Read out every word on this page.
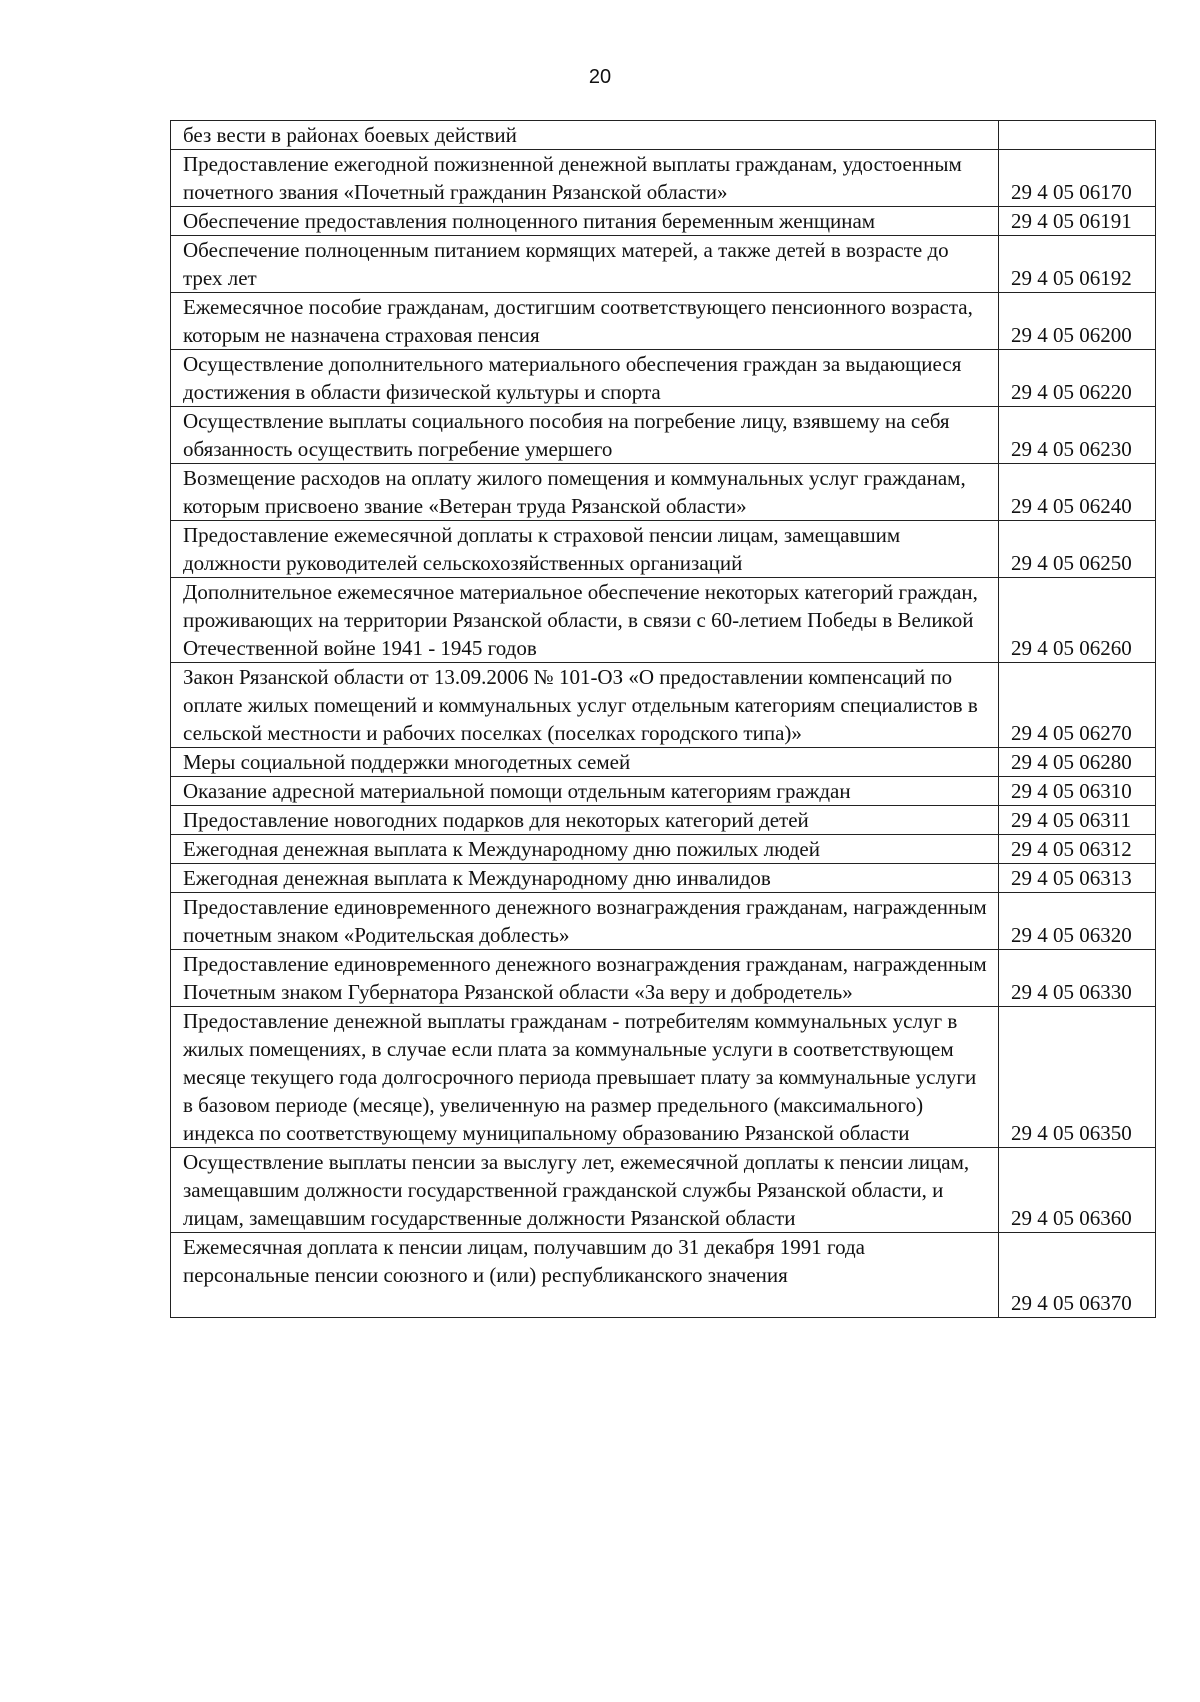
20
без вести в районах боевых действий	
Предоставление ежегодной пожизненной денежной выплаты гражданам, удостоенным почетного звания «Почетный гражданин Рязанской области»	29 4 05 06170
Обеспечение предоставления полноценного питания беременным женщинам	29 4 05 06191
Обеспечение полноценным питанием кормящих матерей, а также детей в возрасте до трех лет	29 4 05 06192
Ежемесячное пособие гражданам, достигшим соответствующего пенсионного возраста, которым не назначена страховая пенсия	29 4 05 06200
Осуществление дополнительного материального обеспечения граждан за выдающиеся достижения в области физической культуры и спорта	29 4 05 06220
Осуществление выплаты социального пособия на погребение лицу, взявшему на себя обязанность осуществить погребение умершего	29 4 05 06230
Возмещение расходов на оплату жилого помещения и коммунальных услуг гражданам, которым присвоено звание «Ветеран труда Рязанской области»	29 4 05 06240
Предоставление ежемесячной доплаты к страховой пенсии лицам, замещавшим должности руководителей сельскохозяйственных организаций	29 4 05 06250
Дополнительное ежемесячное материальное обеспечение некоторых категорий граждан, проживающих на территории Рязанской области, в связи с 60-летием Победы в Великой Отечественной войне 1941 - 1945 годов	29 4 05 06260
Закон Рязанской области от 13.09.2006 № 101-ОЗ «О предоставлении компенсаций по оплате жилых помещений и коммунальных услуг отдельным категориям специалистов в сельской местности и рабочих поселках (поселках городского типа)»	29 4 05 06270
Меры социальной поддержки многодетных семей	29 4 05 06280
Оказание адресной материальной помощи отдельным категориям граждан	29 4 05 06310
Предоставление новогодних подарков для некоторых категорий детей	29 4 05 06311
Ежегодная денежная выплата к Международному дню пожилых людей	29 4 05 06312
Ежегодная денежная выплата к Международному дню инвалидов	29 4 05 06313
Предоставление единовременного денежного вознаграждения гражданам, награжденным почетным знаком «Родительская доблесть»	29 4 05 06320
Предоставление единовременного денежного вознаграждения гражданам, награжденным Почетным знаком Губернатора Рязанской области «За веру и добродетель»	29 4 05 06330
Предоставление денежной выплаты гражданам - потребителям коммунальных услуг в жилых помещениях, в случае если плата за коммунальные услуги в соответствующем месяце текущего года долгосрочного периода превышает плату за коммунальные услуги в базовом периоде (месяце), увеличенную на размер предельного (максимального) индекса по соответствующему муниципальному образованию Рязанской области	29 4 05 06350
Осуществление выплаты пенсии за выслугу лет, ежемесячной доплаты к пенсии лицам, замещавшим должности государственной гражданской службы Рязанской области, и лицам, замещавшим государственные должности Рязанской области	29 4 05 06360
Ежемесячная доплата к пенсии лицам, получавшим до 31 декабря 1991 года персональные пенсии союзного и (или) республиканского значения	29 4 05 06370
